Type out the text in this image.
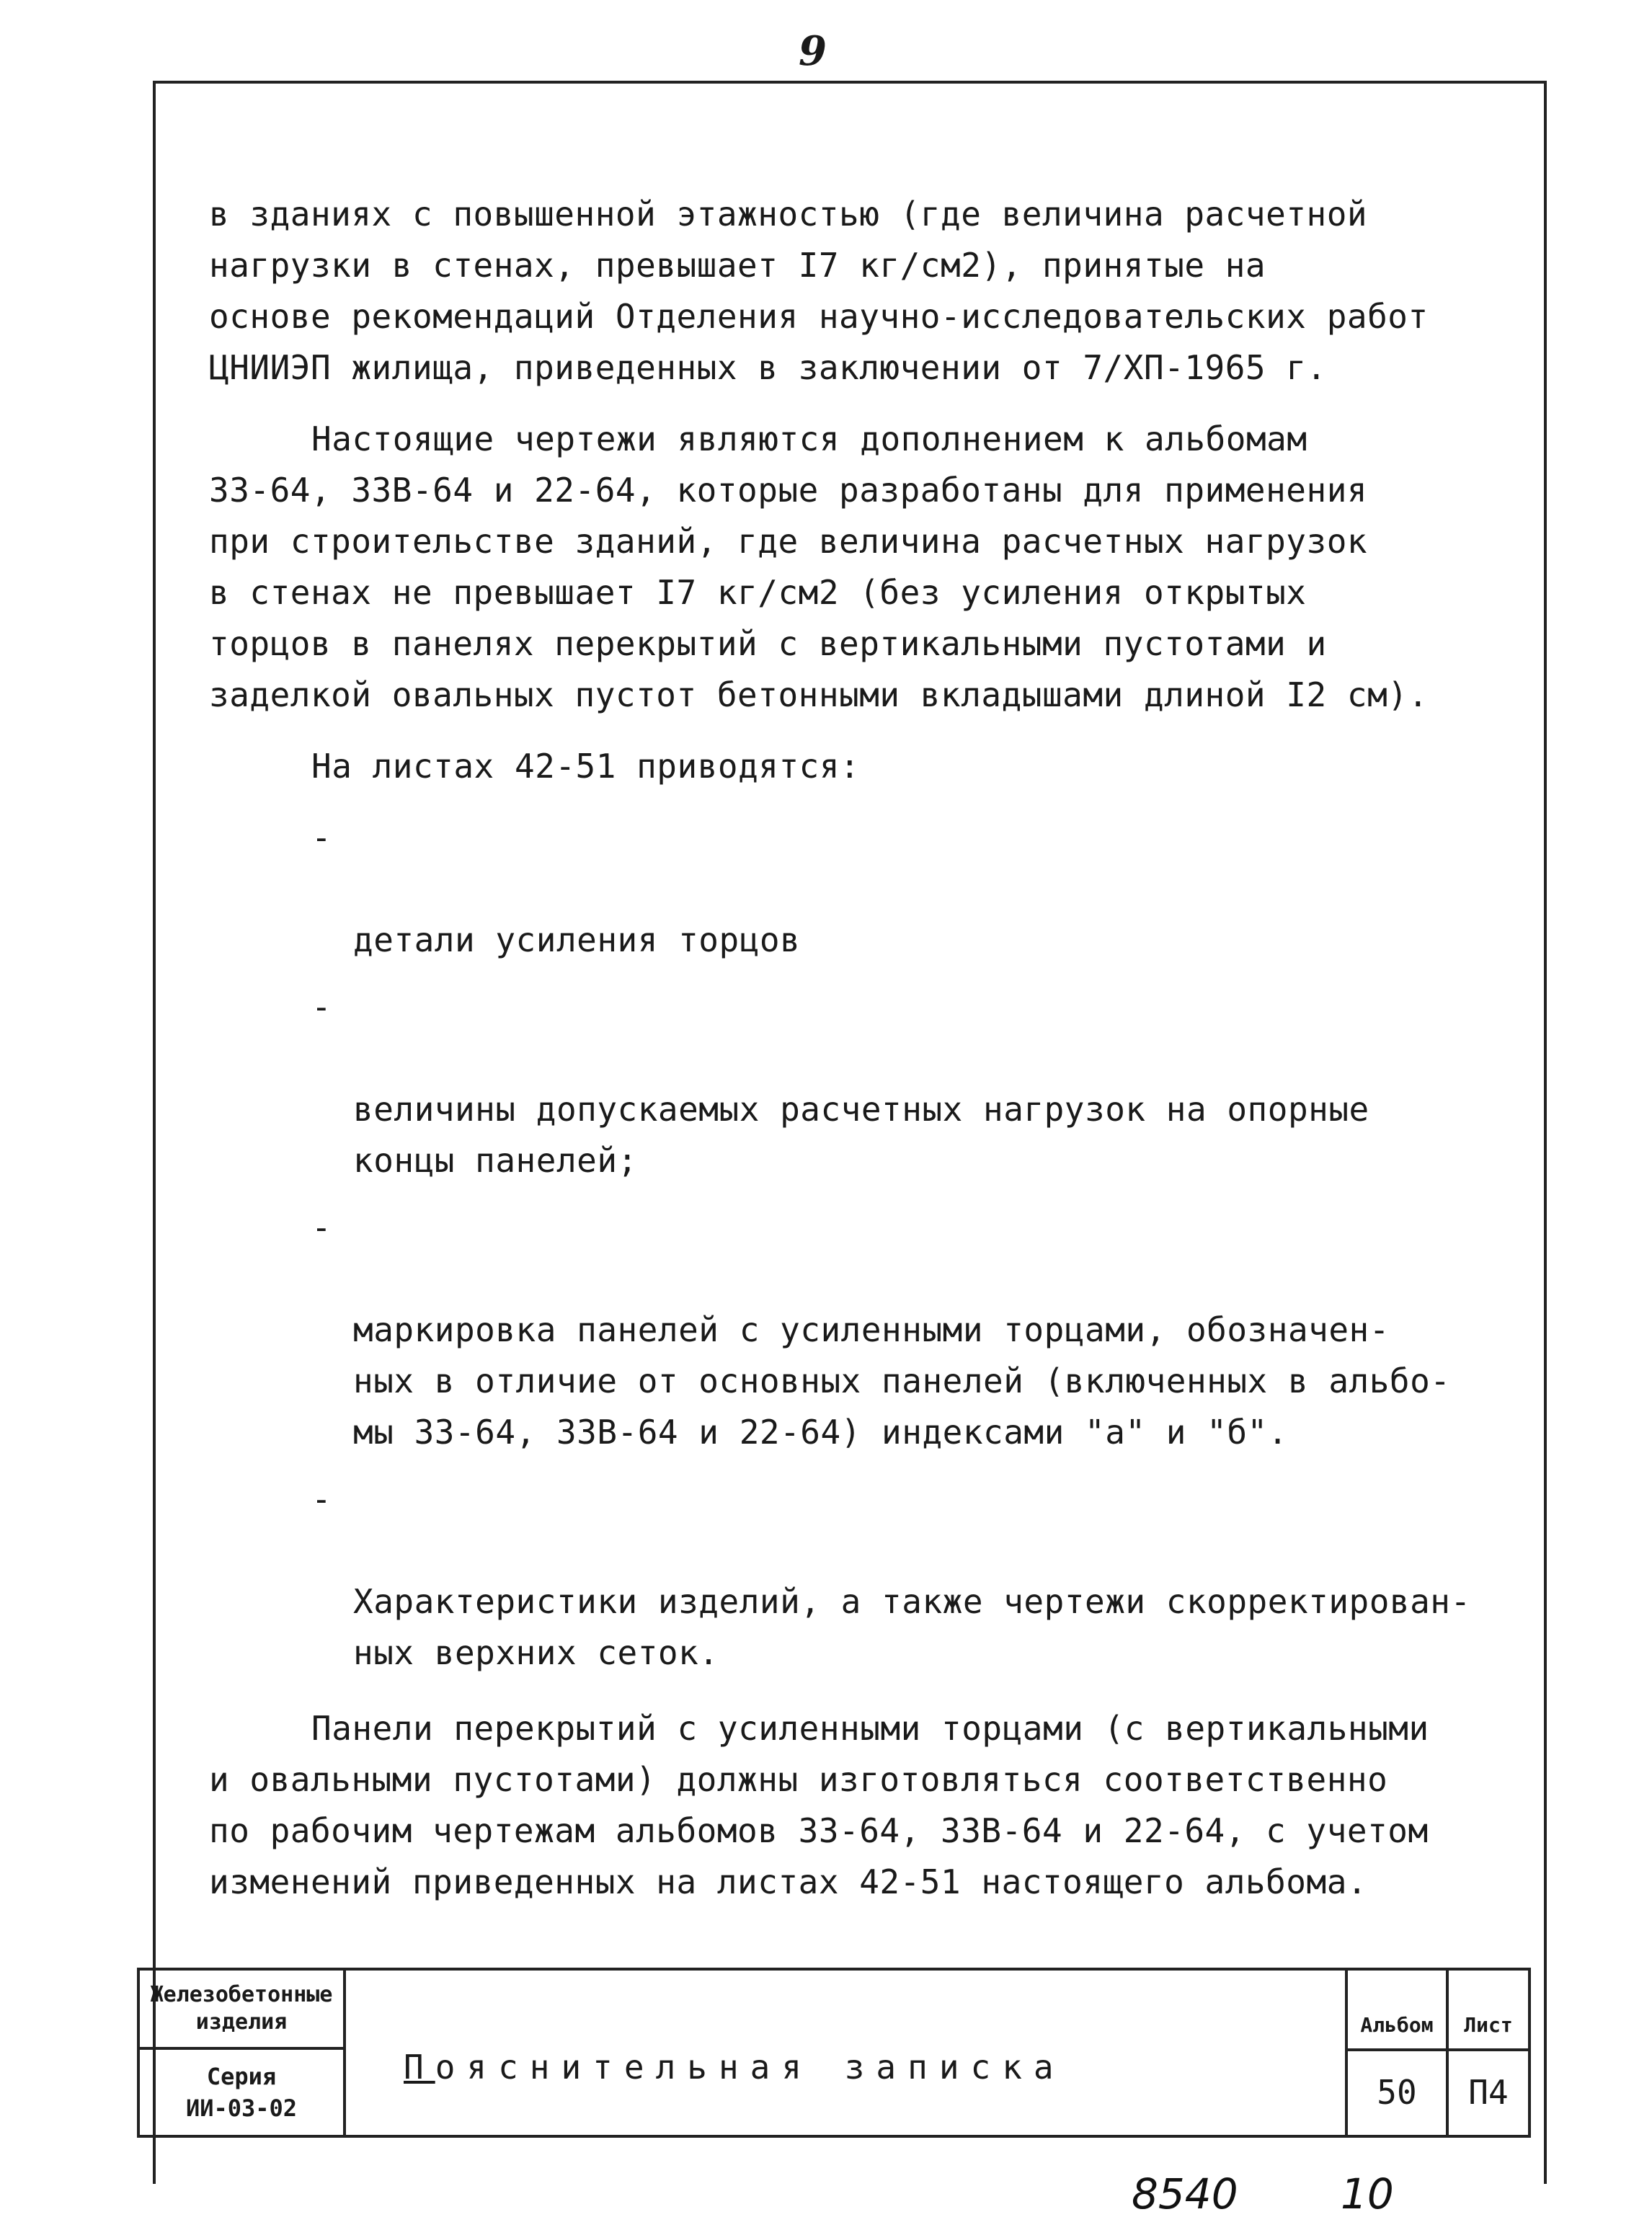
9

в зданиях с повышенной этажностью (где величина расчетной
нагрузки в стенах, превышает I7 кг/см2), принятые на
основе рекомендаций Отделения научно-исследовательских работ
ЦНИИЭП жилища, приведенных в заключении от 7/ХП-1965 г.

Настоящие чертежи являются дополнением к альбомам
33-64, 33В-64 и 22-64, которые разработаны для применения
при строительстве зданий, где величина расчетных нагрузок
в стенах не превышает I7 кг/см2 (без усиления открытых
торцов в панелях перекрытий с вертикальными пустотами и
заделкой овальных пустот бетонными вкладышами длиной I2 см).

На листах 42-51 приводятся:

-

детали усиления торцов

-

величины допускаемых расчетных нагрузок на опорные
концы панелей;

-

маркировка панелей с усиленными торцами, обозначен-
ных в отличие от основных панелей (включенных в альбо-
мы 33-64, 33В-64 и 22-64) индексами "а" и "б".

-

Характеристики изделий, а также чертежи скорректирован-
ных верхних сеток.

Панели перекрытий с усиленными торцами (с вертикальными
и овальными пустотами) должны изготовляться соответственно
по рабочим чертежам альбомов 33-64, 33В-64 и 22-64, с учетом
изменений приведенных на листах 42-51 настоящего альбома.

Железобетонные
изделия
Серия
ИИ-03-02
П ояснительная записка
Альбом	Лист
50	П4
8540 10
